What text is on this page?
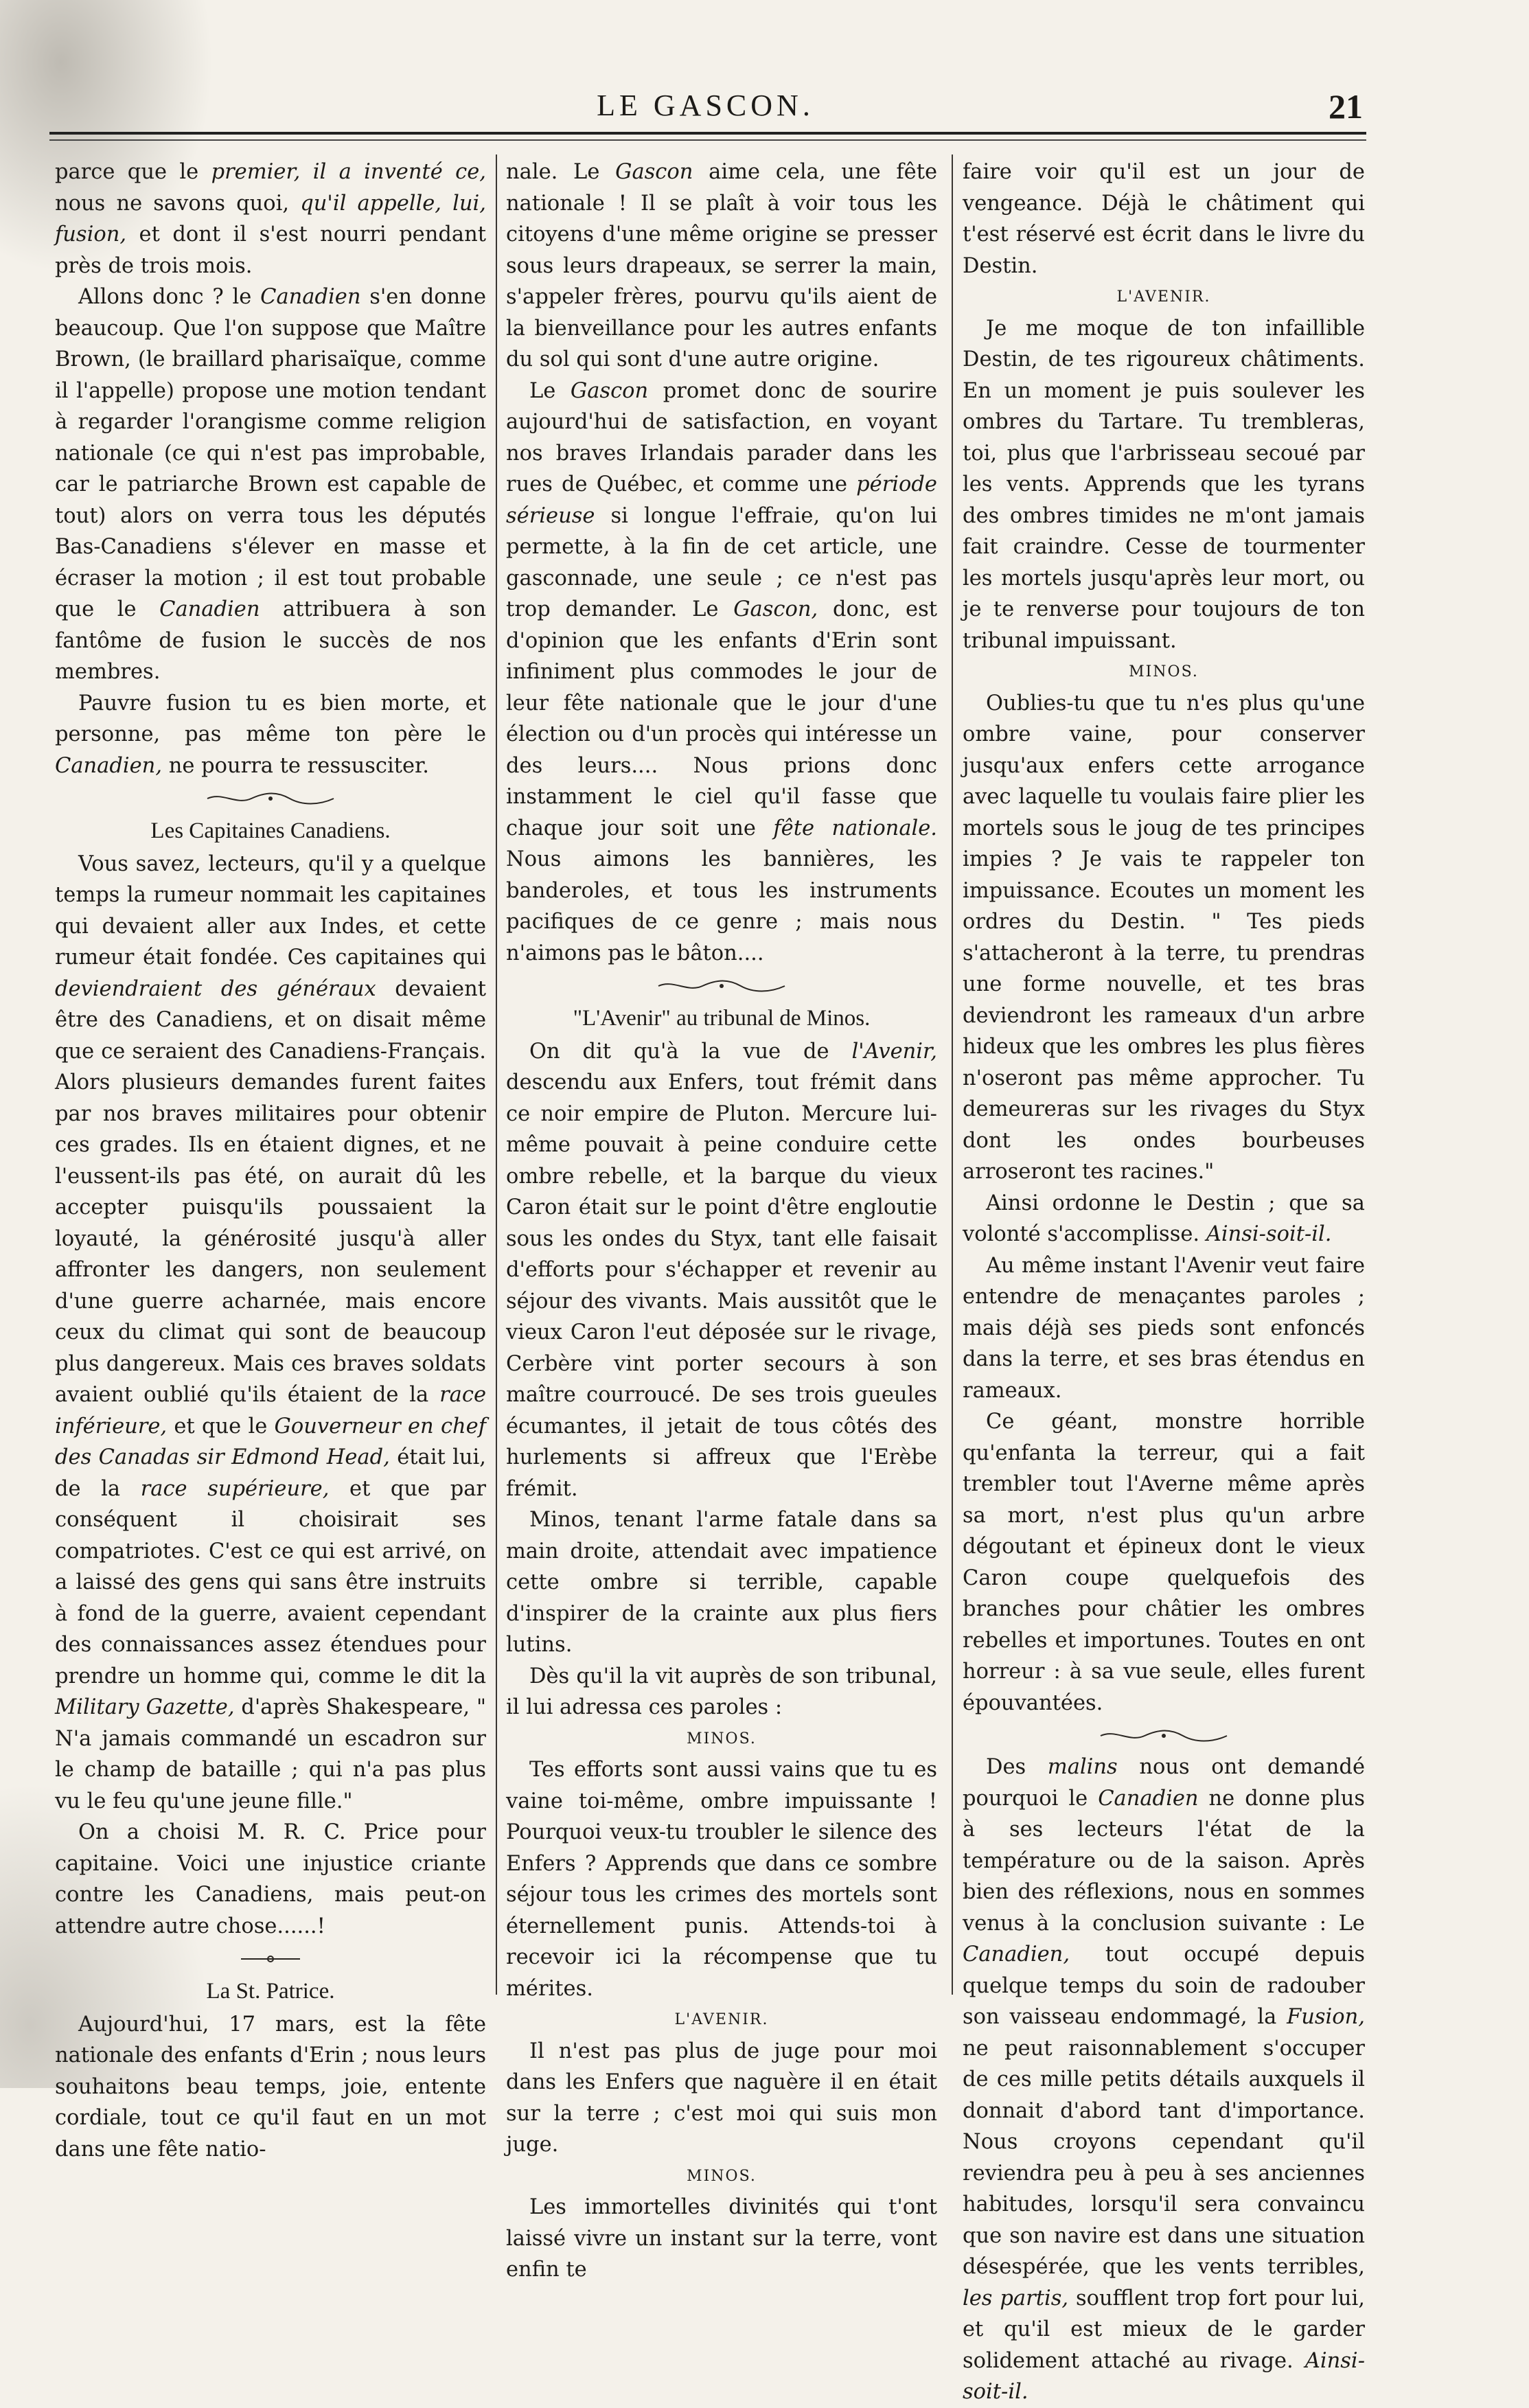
LE GASCON.	21

parce que le premier, il a inventé ce, nous ne savons quoi, qu'il appelle, lui, fusion, et dont il s'est nourri pendant près de trois mois.

Allons donc ? le Canadien s'en donne beaucoup. Que l'on suppose que Maître Brown, (le braillard pharisaïque, comme il l'appelle) propose une motion tendant à regarder l'orangisme comme religion nationale (ce qui n'est pas improbable, car le patriarche Brown est capable de tout) alors on verra tous les députés Bas-Canadiens s'élever en masse et écraser la motion ; il est tout probable que le Canadien attribuera à son fantôme de fusion le succès de nos membres.

Pauvre fusion tu es bien morte, et personne, pas même ton père le Canadien, ne pourra te ressusciter.

Les Capitaines Canadiens.

Vous savez, lecteurs, qu'il y a quelque temps la rumeur nommait les capitaines qui devaient aller aux Indes, et cette rumeur était fondée. Ces capitaines qui deviendraient des généraux devaient être des Canadiens, et on disait même que ce seraient des Canadiens-Français. Alors plusieurs demandes furent faites par nos braves militaires pour obtenir ces grades. Ils en étaient dignes, et ne l'eussent-ils pas été, on aurait dû les accepter puisqu'ils poussaient la loyauté, la générosité jusqu'à aller affronter les dangers, non seulement d'une guerre acharnée, mais encore ceux du climat qui sont de beaucoup plus dangereux. Mais ces braves soldats avaient oublié qu'ils étaient de la race inférieure, et que le Gouverneur en chef des Canadas sir Edmond Head, était lui, de la race supérieure, et que par conséquent il choisirait ses compatriotes. C'est ce qui est arrivé, on a laissé des gens qui sans être instruits à fond de la guerre, avaient cependant des connaissances assez étendues pour prendre un homme qui, comme le dit la Military Gazette, d'après Shakespeare, " N'a jamais commandé un escadron sur le champ de bataille ; qui n'a pas plus vu le feu qu'une jeune fille."

On a choisi M. R. C. Price pour capitaine. Voici une injustice criante contre les Canadiens, mais peut-on attendre autre chose......!

La St. Patrice.

Aujourd'hui, 17 mars, est la fête nationale des enfants d'Erin ; nous leurs souhaitons beau temps, joie, entente cordiale, tout ce qu'il faut en un mot dans une fête natio-

nale. Le Gascon aime cela, une fête nationale ! Il se plaît à voir tous les citoyens d'une même origine se presser sous leurs drapeaux, se serrer la main, s'appeler frères, pourvu qu'ils aient de la bienveillance pour les autres enfants du sol qui sont d'une autre origine.

Le Gascon promet donc de sourire aujourd'hui de satisfaction, en voyant nos braves Irlandais parader dans les rues de Québec, et comme une période sérieuse si longue l'effraie, qu'on lui permette, à la fin de cet article, une gasconnade, une seule ; ce n'est pas trop demander. Le Gascon, donc, est d'opinion que les enfants d'Erin sont infiniment plus commodes le jour de leur fête nationale que le jour d'une élection ou d'un procès qui intéresse un des leurs.... Nous prions donc instamment le ciel qu'il fasse que chaque jour soit une fête nationale. Nous aimons les bannières, les banderoles, et tous les instruments pacifiques de ce genre ; mais nous n'aimons pas le bâton....

"L'Avenir" au tribunal de Minos.

On dit qu'à la vue de l'Avenir, descendu aux Enfers, tout frémit dans ce noir empire de Pluton. Mercure lui-même pouvait à peine conduire cette ombre rebelle, et la barque du vieux Caron était sur le point d'être engloutie sous les ondes du Styx, tant elle faisait d'efforts pour s'échapper et revenir au séjour des vivants. Mais aussitôt que le vieux Caron l'eut déposée sur le rivage, Cerbère vint porter secours à son maître courroucé. De ses trois gueules écumantes, il jetait de tous côtés des hurlements si affreux que l'Erèbe frémit.

Minos, tenant l'arme fatale dans sa main droite, attendait avec impatience cette ombre si terrible, capable d'inspirer de la crainte aux plus fiers lutins.

Dès qu'il la vit auprès de son tribunal, il lui adressa ces paroles :

MINOS.

Tes efforts sont aussi vains que tu es vaine toi-même, ombre impuissante ! Pourquoi veux-tu troubler le silence des Enfers ? Apprends que dans ce sombre séjour tous les crimes des mortels sont éternellement punis. Attends-toi à recevoir ici la récompense que tu mérites.

L'AVENIR.

Il n'est pas plus de juge pour moi dans les Enfers que naguère il en était sur la terre ; c'est moi qui suis mon juge.

MINOS.

Les immortelles divinités qui t'ont laissé vivre un instant sur la terre, vont enfin te

faire voir qu'il est un jour de vengeance. Déjà le châtiment qui t'est réservé est écrit dans le livre du Destin.

L'AVENIR.

Je me moque de ton infaillible Destin, de tes rigoureux châtiments. En un moment je puis soulever les ombres du Tartare. Tu trembleras, toi, plus que l'arbrisseau secoué par les vents. Apprends que les tyrans des ombres timides ne m'ont jamais fait craindre. Cesse de tourmenter les mortels jusqu'après leur mort, ou je te renverse pour toujours de ton tribunal impuissant.

MINOS.

Oublies-tu que tu n'es plus qu'une ombre vaine, pour conserver jusqu'aux enfers cette arrogance avec laquelle tu voulais faire plier les mortels sous le joug de tes principes impies ? Je vais te rappeler ton impuissance. Ecoutes un moment les ordres du Destin. " Tes pieds s'attacheront à la terre, tu prendras une forme nouvelle, et tes bras deviendront les rameaux d'un arbre hideux que les ombres les plus fières n'oseront pas même approcher. Tu demeureras sur les rivages du Styx dont les ondes bourbeuses arroseront tes racines."

Ainsi ordonne le Destin ; que sa volonté s'accomplisse. Ainsi-soit-il.

Au même instant l'Avenir veut faire entendre de menaçantes paroles ; mais déjà ses pieds sont enfoncés dans la terre, et ses bras étendus en rameaux.

Ce géant, monstre horrible qu'enfanta la terreur, qui a fait trembler tout l'Averne même après sa mort, n'est plus qu'un arbre dégoutant et épineux dont le vieux Caron coupe quelquefois des branches pour châtier les ombres rebelles et importunes. Toutes en ont horreur : à sa vue seule, elles furent épouvantées.

Des malins nous ont demandé pourquoi le Canadien ne donne plus à ses lecteurs l'état de la température ou de la saison. Après bien des réflexions, nous en sommes venus à la conclusion suivante : Le Canadien, tout occupé depuis quelque temps du soin de radouber son vaisseau endommagé, la Fusion, ne peut raisonnablement s'occuper de ces mille petits détails auxquels il donnait d'abord tant d'importance. Nous croyons cependant qu'il reviendra peu à peu à ses anciennes habitudes, lorsqu'il sera convaincu que son navire est dans une situation désespérée, que les vents terribles, les partis, soufflent trop fort pour lui, et qu'il est mieux de le garder solidement attaché au rivage. Ainsi-soit-il.
